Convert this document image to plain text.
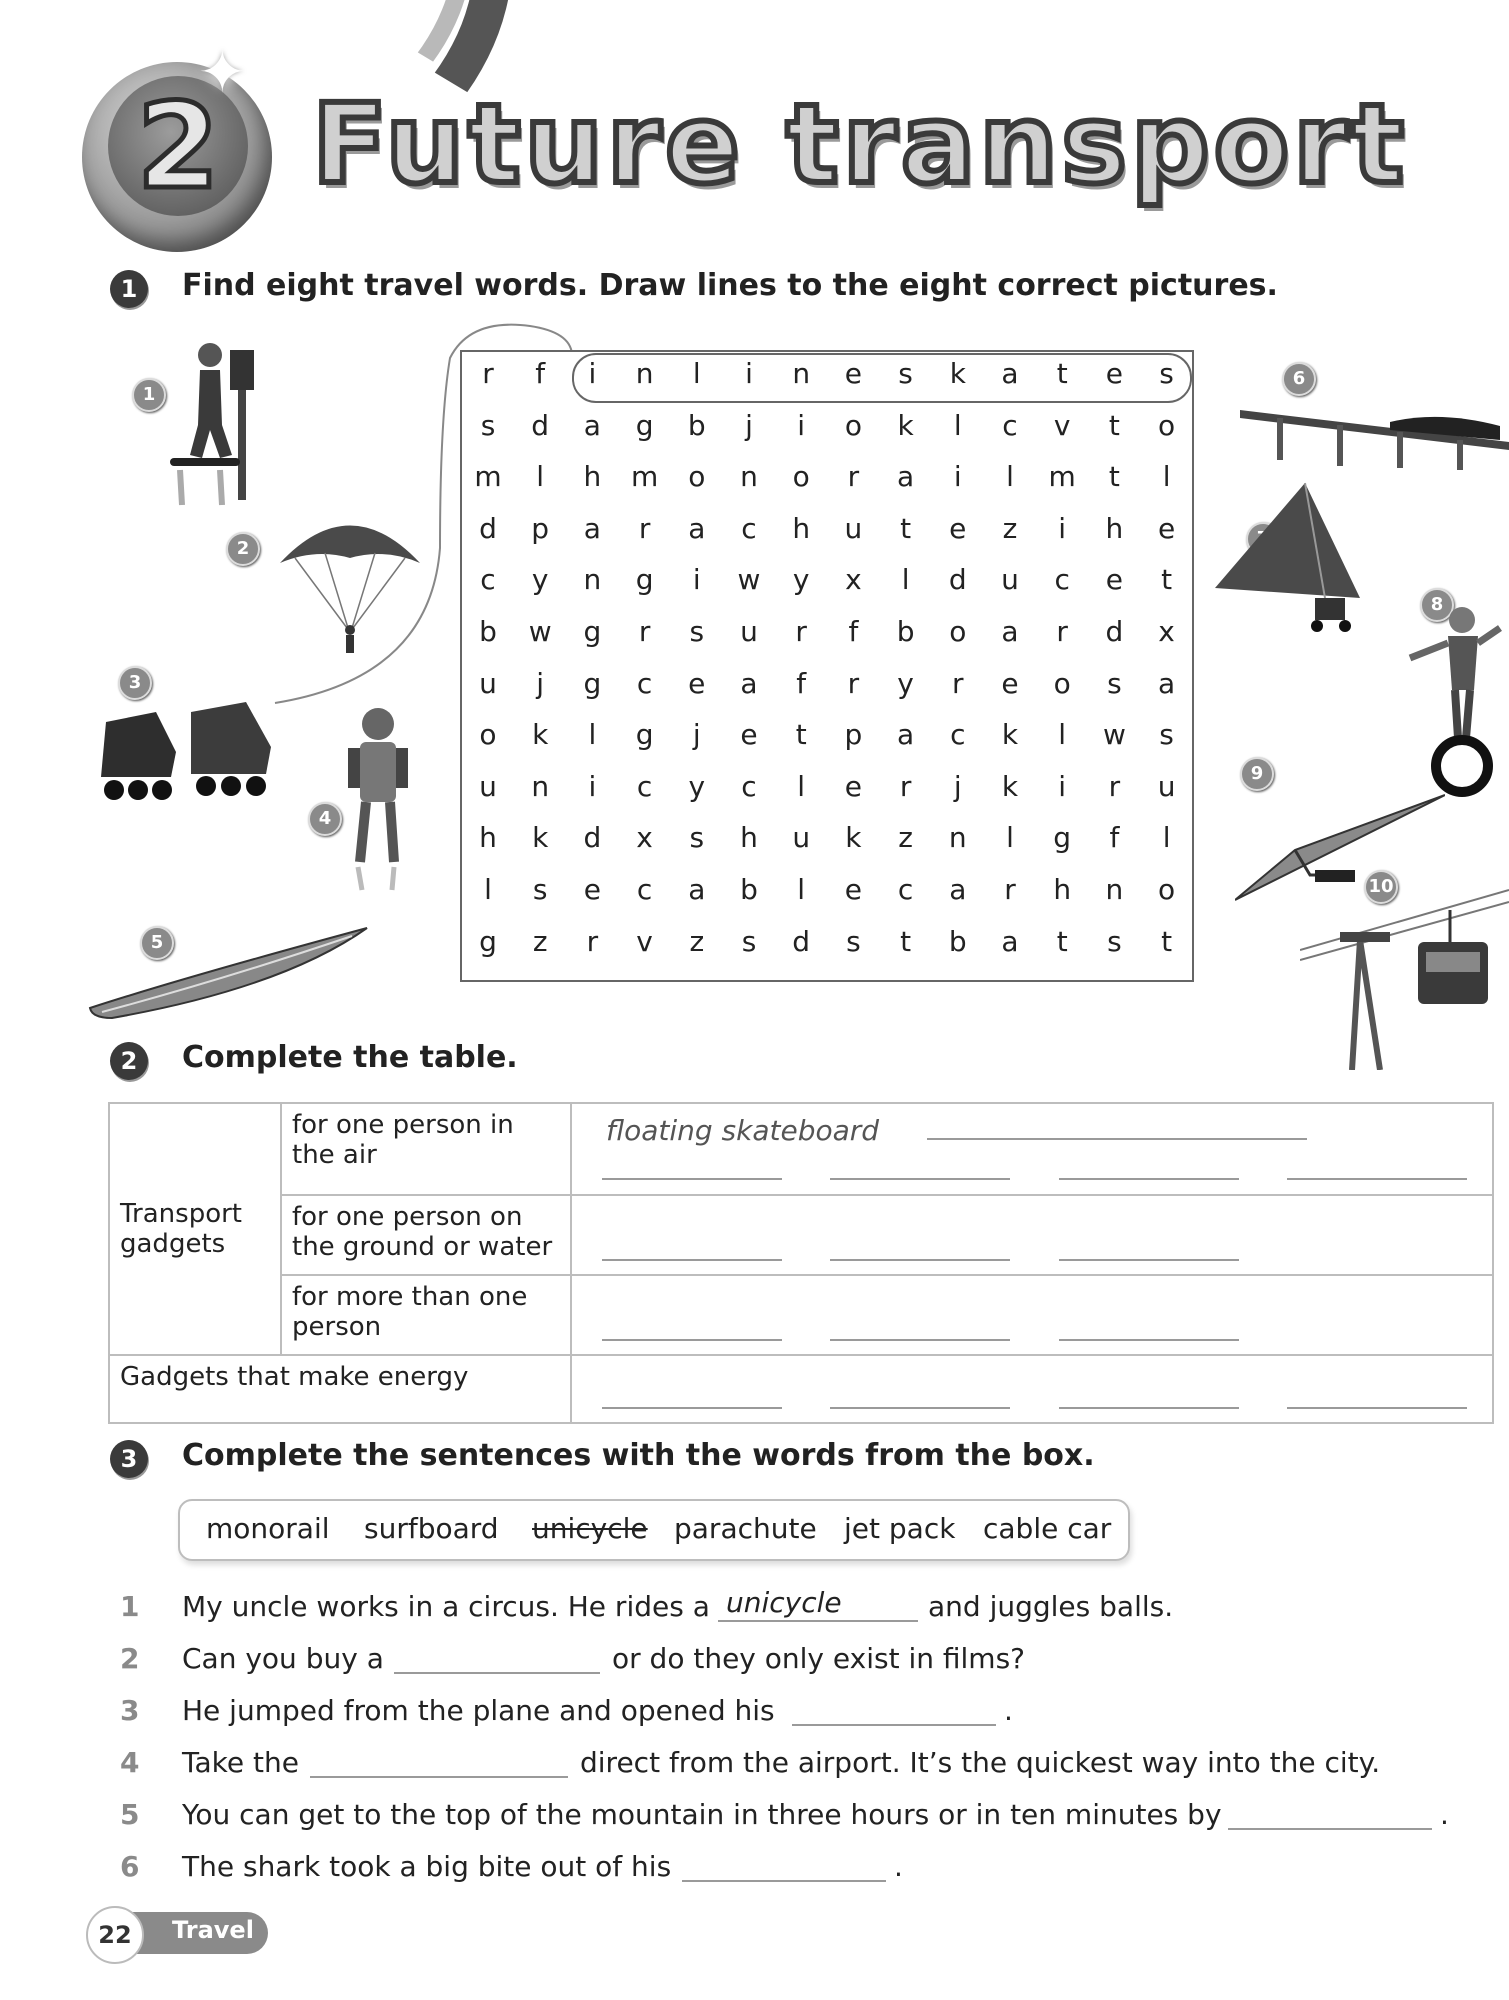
2
✦
Future transport
1	Find eight travel words. Draw lines to the eight correct pictures.
1
2
3
4
5
6
8
9
10
r	f	i	n	l	i	n	e	s	k	a	t	e	s
s	d	a	g	b	j	i	o	k	l	c	v	t	o
m	l	h	m	o	n	o	r	a	i	l	m	t	l
d	p	a	r	a	c	h	u	t	e	z	i	h	e
c	y	n	g	i	w	y	x	l	d	u	c	e	t
b	w	g	r	s	u	r	f	b	o	a	r	d	x
u	j	g	c	e	a	f	r	y	r	e	o	s	a
o	k	l	g	j	e	t	p	a	c	k	l	w	s
u	n	i	c	y	c	l	e	r	j	k	i	r	u
h	k	d	x	s	h	u	k	z	n	l	g	f	l
l	s	e	c	a	b	l	e	c	a	r	h	n	o
g	z	r	v	z	s	d	s	t	b	a	t	s	t
2	Complete the table.
Transport gadgets	for one person in the air	floating skateboard

	for one person on the ground or water	

	for more than one person	

Gadgets that make energy		

3	Complete the sentences with the words from the box.
monorail surfboard unicycle parachute jet pack cable car
1 My uncle works in a circus. He rides a unicycle	and juggles balls.
2 Can you buy a	or do they only exist in films?
3 He jumped from the plane and opened his	.
4 Take the	direct from the airport. It’s the quickest way into the city.
5 You can get to the top of the mountain in three hours or in ten minutes by	.
6 The shark took a big bite out of his	.
22	Travel
